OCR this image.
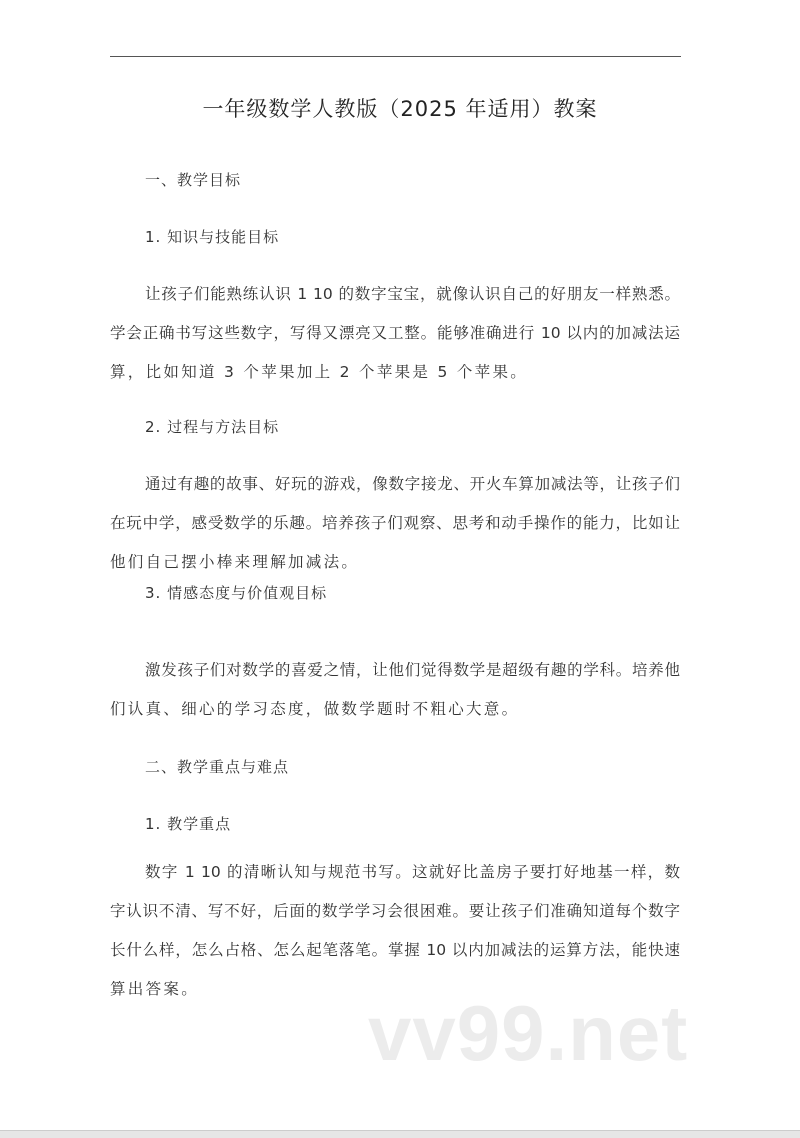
一年级数学人教版（2025 年适用）教案
一、教学目标
1. 知识与技能目标
让孩子们能熟练认识 1 10 的数字宝宝，就像认识自己的好朋友一样熟悉。
学会正确书写这些数字，写得又漂亮又工整。能够准确进行 10 以内的加减法运
算，比如知道 3 个苹果加上 2 个苹果是 5 个苹果。
2. 过程与方法目标
通过有趣的故事、好玩的游戏，像数字接龙、开火车算加减法等，让孩子们
在玩中学，感受数学的乐趣。培养孩子们观察、思考和动手操作的能力，比如让
他们自己摆小棒来理解加减法。
3. 情感态度与价值观目标
激发孩子们对数学的喜爱之情，让他们觉得数学是超级有趣的学科。培养他
们认真、细心的学习态度，做数学题时不粗心大意。
二、教学重点与难点
1. 教学重点
数字 1 10 的清晰认知与规范书写。这就好比盖房子要打好地基一样，数
字认识不清、写不好，后面的数学学习会很困难。要让孩子们准确知道每个数字
长什么样，怎么占格、怎么起笔落笔。掌握 10 以内加减法的运算方法，能快速
算出答案。	vv99.net
